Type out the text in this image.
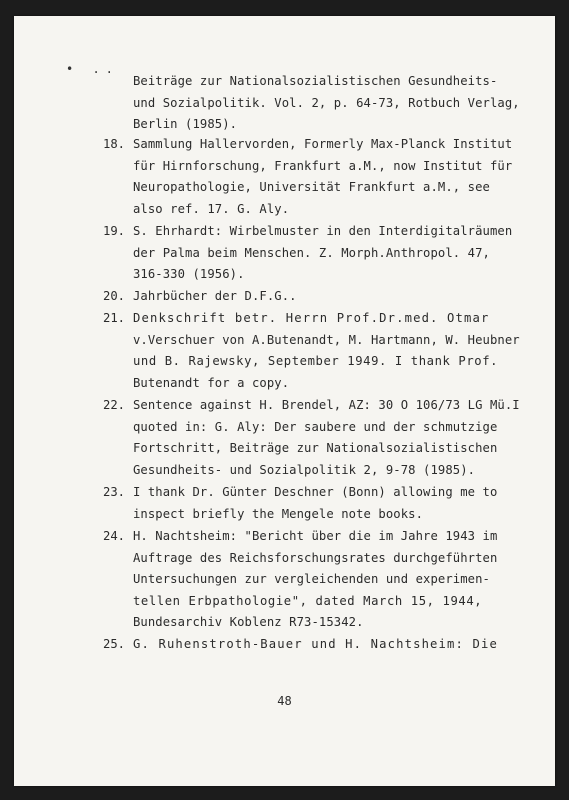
• ..
Beiträge zur Nationalsozialistischen Gesundheits-
und Sozialpolitik. Vol. 2, p. 64-73, Rotbuch Verlag,
Berlin (1985).
18. Sammlung Hallervorden, Formerly Max-Planck Institut
für Hirnforschung, Frankfurt a.M., now Institut für
Neuropathologie, Universität Frankfurt a.M., see
also ref. 17. G. Aly.
19. S. Ehrhardt: Wirbelmuster in den Interdigitalräumen
der Palma beim Menschen. Z. Morph.Anthropol. 47,
316-330 (1956).
20. Jahrbücher der D.F.G..
21. Denkschrift betr. Herrn Prof.Dr.med. Otmar
v.Verschuer von A.Butenandt, M. Hartmann, W. Heubner
und B. Rajewsky, September 1949. I thank Prof.
Butenandt for a copy.
22. Sentence against H. Brendel, AZ: 30 O 106/73 LG Mü.I
quoted in: G. Aly: Der saubere und der schmutzige
Fortschritt, Beiträge zur Nationalsozialistischen
Gesundheits- und Sozialpolitik 2, 9-78 (1985).
23. I thank Dr. Günter Deschner (Bonn) allowing me to
inspect briefly the Mengele note books.
24. H. Nachtsheim: "Bericht über die im Jahre 1943 im
Auftrage des Reichsforschungsrates durchgeführten
Untersuchungen zur vergleichenden und experimen-
tellen Erbpathologie", dated March 15, 1944,
Bundesarchiv Koblenz R73-15342.
25. G. Ruhenstroth-Bauer und H. Nachtsheim: Die
48
